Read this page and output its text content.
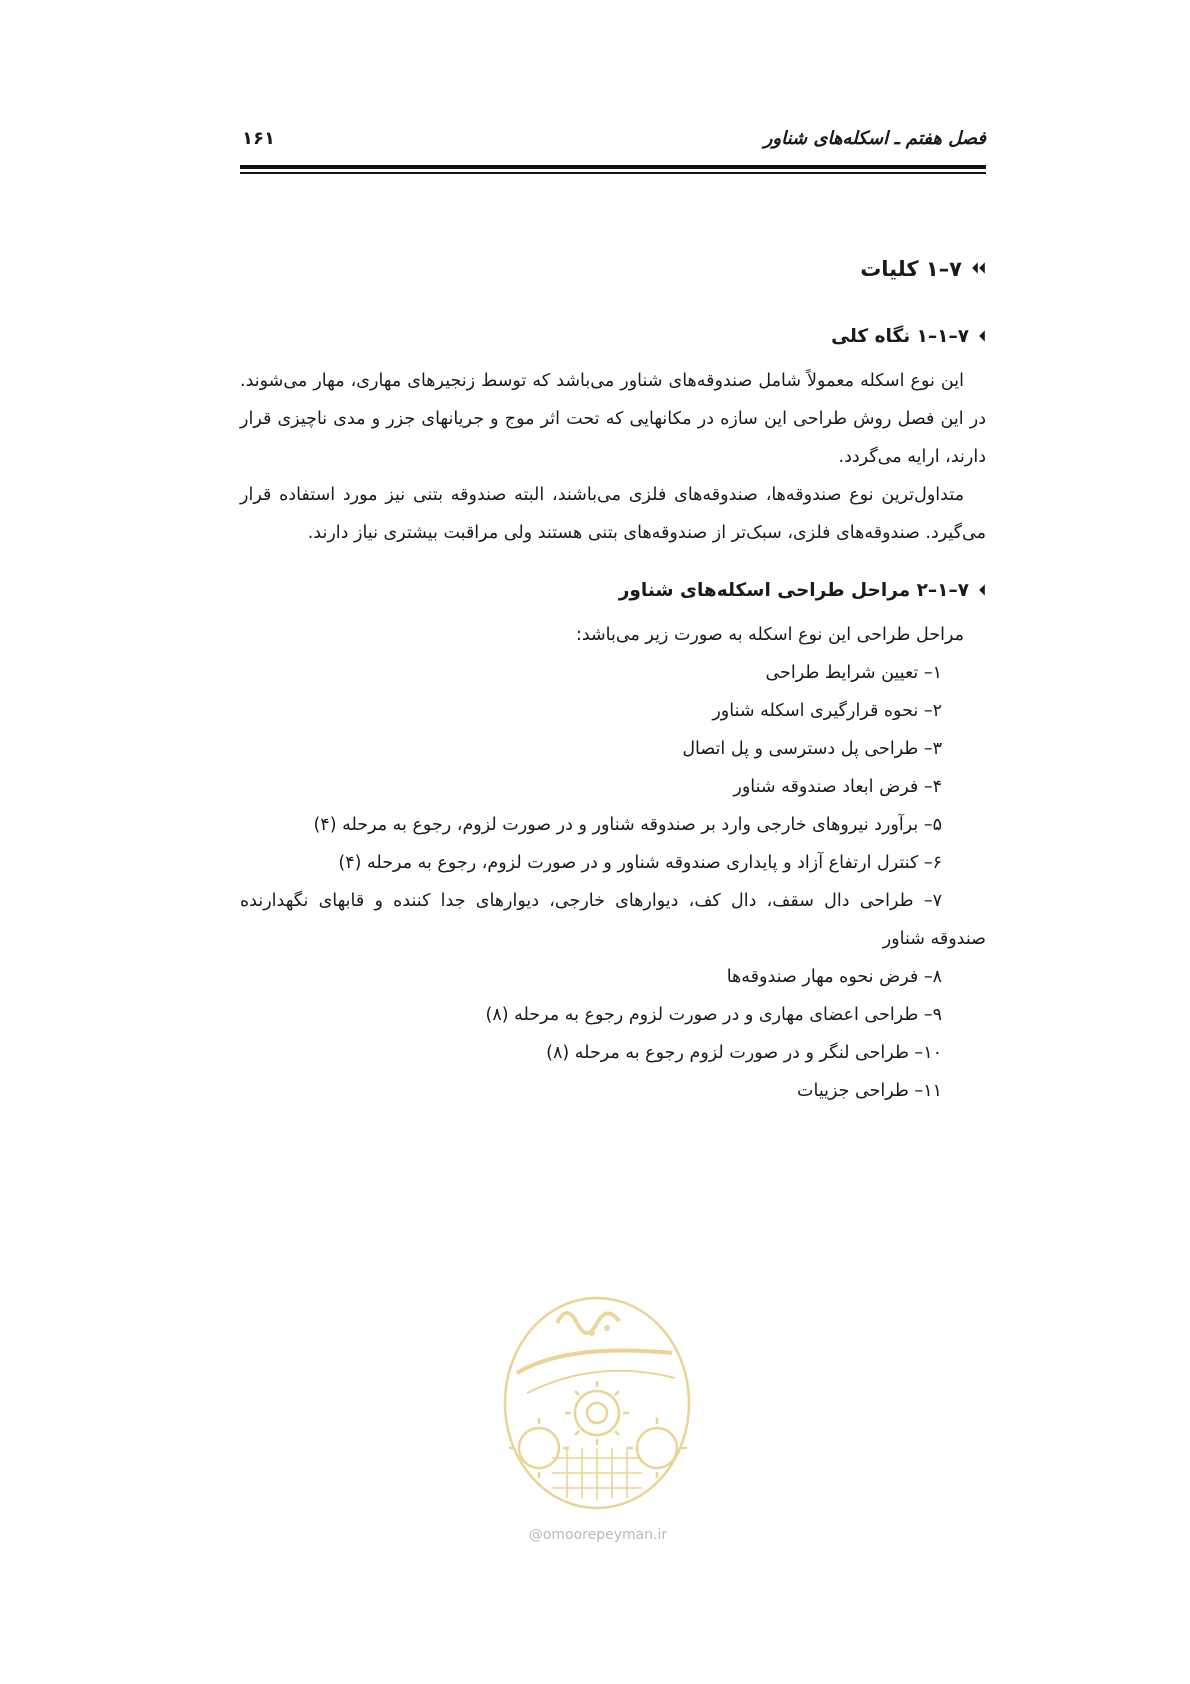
فصل هفتم ـ اسکله‌های شناور
۱۶۱
⏴⏴
۷–۱ کلیات
⏴
۷–۱–۱ نگاه کلی

این نوع اسکله معمولاً شامل صندوقه‌های شناور می‌باشد که توسط زنجیرهای مهاری، مهار می‌شوند. در این فصل روش طراحی این سازه در مکانهایی که تحت اثر موج و جریانهای جزر و مدی ناچیزی قرار دارند، ارایه می‌گردد.

متداول‌ترین نوع صندوقه‌ها، صندوقه‌های فلزی می‌باشند، البته صندوقه بتنی نیز مورد استفاده قرار می‌گیرد. صندوقه‌های فلزی، سبک‌تر از صندوقه‌های بتنی هستند ولی مراقبت بیشتری نیاز دارند.

⏴
۷–۱–۲ مراحل طراحی اسکله‌های شناور

مراحل طراحی این نوع اسکله به صورت زیر می‌باشد:

۱– تعیین شرایط طراحی
۲– نحوه قرارگیری اسکله شناور
۳– طراحی پل دسترسی و پل اتصال
۴– فرض ابعاد صندوقه شناور
۵– برآورد نیروهای خارجی وارد بر صندوقه شناور و در صورت لزوم، رجوع به مرحله (۴)
۶– کنترل ارتفاع آزاد و پایداری صندوقه شناور و در صورت لزوم، رجوع به مرحله (۴)
۷– طراحی دال سقف، دال کف، دیوارهای خارجی، دیوارهای جدا کننده و قابهای نگهدارنده صندوقه شناور
۸– فرض نحوه مهار صندوقه‌ها
۹– طراحی اعضای مهاری و در صورت لزوم رجوع به مرحله (۸)
۱۰– طراحی لنگر و در صورت لزوم رجوع به مرحله (۸)
۱۱– طراحی جزییات
@omoorepeyman.ir
